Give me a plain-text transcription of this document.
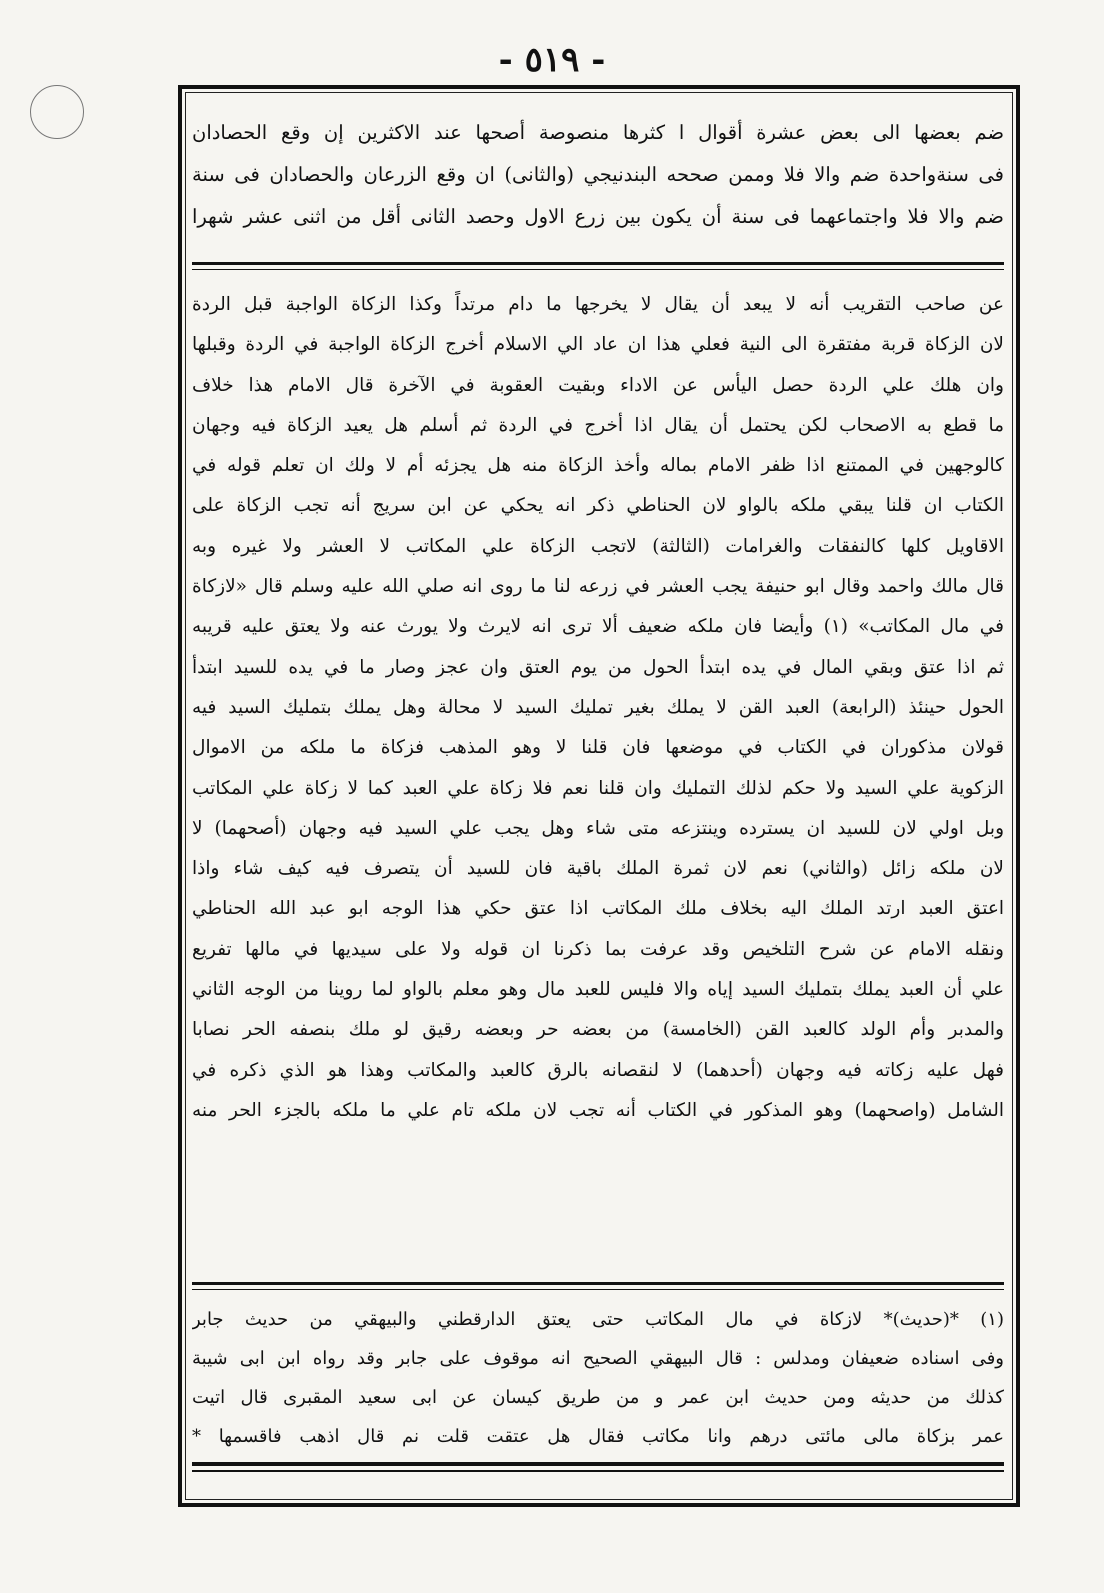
- ٥١٩ -

ضم بعضها الى بعض عشرة أقوال ا كثرها منصوصة أصحها عند الاكثرين إن وقع الحصادان

فى سنةواحدة ضم والا فلا وممن صححه البندنيجي (والثانى) ان وقع الزرعان والحصادان فى سنة

ضم والا فلا واجتماعهما فى سنة أن يكون بين زرع الاول وحصد الثانى أقل من اثنى عشر شهرا

عن صاحب التقريب أنه لا يبعد أن يقال لا يخرجها ما دام مرتداً وكذا الزكاة الواجبة قبل الردة

لان الزكاة قربة مفتقرة الى النية فعلي هذا ان عاد الي الاسلام أخرج الزكاة الواجبة في الردة وقبلها

وان هلك علي الردة حصل اليأس عن الاداء وبقيت العقوبة في الآخرة قال الامام هذا خلاف

ما قطع به الاصحاب لكن يحتمل أن يقال اذا أخرج في الردة ثم أسلم هل يعيد الزكاة فيه وجهان

كالوجهين في الممتنع اذا ظفر الامام بماله وأخذ الزكاة منه هل يجزئه أم لا ولك ان تعلم قوله في

الكتاب ان قلنا يبقي ملكه بالواو لان الحناطي ذكر انه يحكي عن ابن سريج أنه تجب الزكاة على

الاقاويل كلها كالنفقات والغرامات (الثالثة) لاتجب الزكاة علي المكاتب لا العشر ولا غيره وبه

قال مالك واحمد وقال ابو حنيفة يجب العشر في زرعه لنا ما روى انه صلي الله عليه وسلم قال «لازكاة

في مال المكاتب» (١) وأيضا فان ملكه ضعيف ألا ترى انه لايرث ولا يورث عنه ولا يعتق عليه قريبه

ثم اذا عتق وبقي المال في يده ابتدأ الحول من يوم العتق وان عجز وصار ما في يده للسيد ابتدأ

الحول حينئذ (الرابعة) العبد القن لا يملك بغير تمليك السيد لا محالة وهل يملك بتمليك السيد فيه

قولان مذكوران في الكتاب في موضعها فان قلنا لا وهو المذهب فزكاة ما ملكه من الاموال

الزكوية علي السيد ولا حكم لذلك التمليك وان قلنا نعم فلا زكاة علي العبد كما لا زكاة علي المكاتب

وبل اولي لان للسيد ان يسترده وينتزعه متى شاء وهل يجب علي السيد فيه وجهان (أصحهما) لا

لان ملكه زائل (والثاني) نعم لان ثمرة الملك باقية فان للسيد أن يتصرف فيه كيف شاء واذا

اعتق العبد ارتد الملك اليه بخلاف ملك المكاتب اذا عتق حكي هذا الوجه ابو عبد الله الحناطي

ونقله الامام عن شرح التلخيص وقد عرفت بما ذكرنا ان قوله ولا على سيديها في مالها تفريع

علي أن العبد يملك بتمليك السيد إياه والا فليس للعبد مال وهو معلم بالواو لما روينا من الوجه الثاني

والمدبر وأم الولد كالعبد القن (الخامسة) من بعضه حر وبعضه رقيق لو ملك بنصفه الحر نصابا

فهل عليه زكاته فيه وجهان (أحدهما) لا لنقصانه بالرق كالعبد والمكاتب وهذا هو الذي ذكره في

الشامل (واصحهما) وهو المذكور في الكتاب أنه تجب لان ملكه تام علي ما ملكه بالجزء الحر منه

(١) *(حديث)* لازكاة في مال المكاتب حتى يعتق الدارقطني والبيهقي من حديث جابر

وفى اسناده ضعيفان ومدلس : قال البيهقي الصحيح انه موقوف على جابر وقد رواه ابن ابى شيبة

كذلك من حديثه ومن حديث ابن عمر و من طريق كيسان عن ابى سعيد المقبرى قال اتيت

عمر بزكاة مالى مائتى درهم وانا مكاتب فقال هل عتقت قلت نم قال اذهب فاقسمها *
